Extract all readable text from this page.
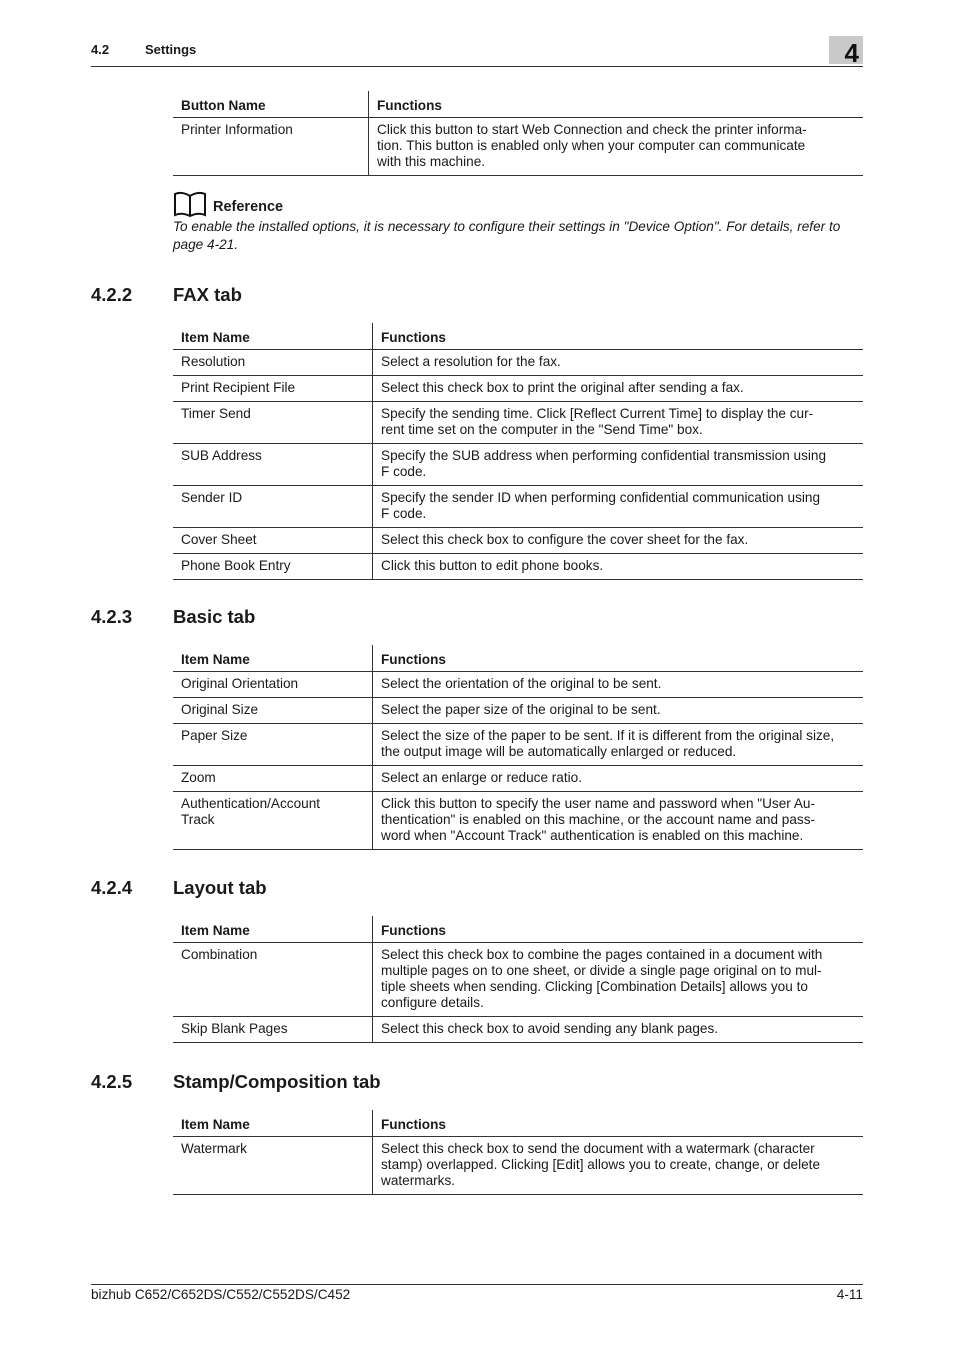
4.2	Settings	4
Button Name	Functions
Printer Information	Click this button to start Web Connection and check the printer informa-
tion. This button is enabled only when your computer can communicate
with this machine.
Reference
To enable the installed options, it is necessary to configure their settings in "Device Option". For details, refer to page 4-21.
4.2.2 FAX tab
Item Name	Functions
Resolution	Select a resolution for the fax.
Print Recipient File	Select this check box to print the original after sending a fax.
Timer Send	Specify the sending time. Click [Reflect Current Time] to display the cur-
rent time set on the computer in the "Send Time" box.
SUB Address	Specify the SUB address when performing confidential transmission using
F code.
Sender ID	Specify the sender ID when performing confidential communication using
F code.
Cover Sheet	Select this check box to configure the cover sheet for the fax.
Phone Book Entry	Click this button to edit phone books.
4.2.3 Basic tab
Item Name	Functions
Original Orientation	Select the orientation of the original to be sent.
Original Size	Select the paper size of the original to be sent.
Paper Size	Select the size of the paper to be sent. If it is different from the original size,
the output image will be automatically enlarged or reduced.
Zoom	Select an enlarge or reduce ratio.
Authentication/Account
Track	Click this button to specify the user name and password when "User Au-
thentication" is enabled on this machine, or the account name and pass-
word when "Account Track" authentication is enabled on this machine.
4.2.4 Layout tab
Item Name	Functions
Combination	Select this check box to combine the pages contained in a document with
multiple pages on to one sheet, or divide a single page original on to mul-
tiple sheets when sending. Clicking [Combination Details] allows you to
configure details.
Skip Blank Pages	Select this check box to avoid sending any blank pages.
4.2.5 Stamp/Composition tab
Item Name	Functions
Watermark	Select this check box to send the document with a watermark (character
stamp) overlapped. Clicking [Edit] allows you to create, change, or delete
watermarks.
bizhub C652/C652DS/C552/C552DS/C452	4-11
